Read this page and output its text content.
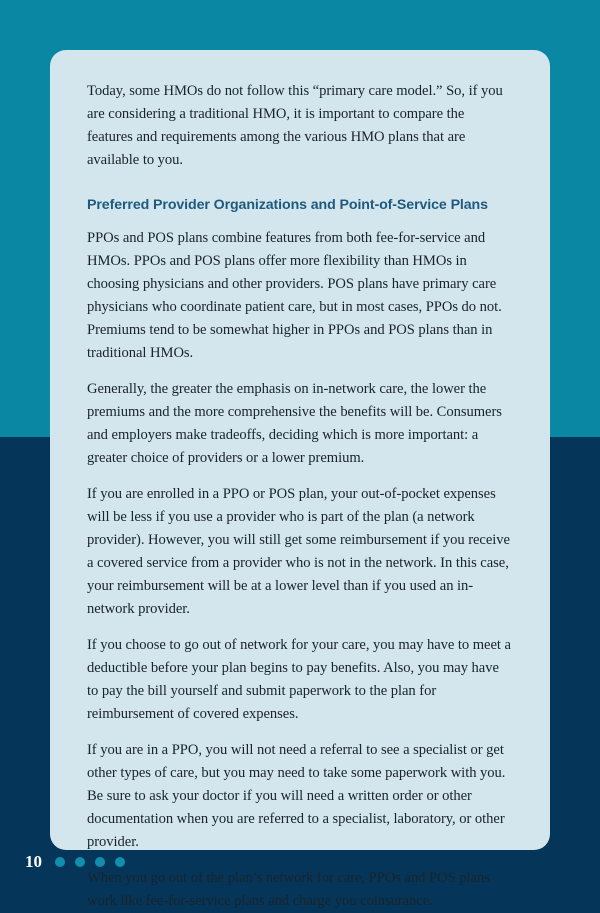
Today, some HMOs do not follow this “primary care model.” So, if you are considering a traditional HMO, it is important to compare the features and requirements among the various HMO plans that are available to you.

Preferred Provider Organizations and Point-of-Service Plans

PPOs and POS plans combine features from both fee-for-service and HMOs. PPOs and POS plans offer more flexibility than HMOs in choosing physicians and other providers. POS plans have primary care physicians who coordinate patient care, but in most cases, PPOs do not. Premiums tend to be somewhat higher in PPOs and POS plans than in traditional HMOs.

Generally, the greater the emphasis on in-network care, the lower the premiums and the more comprehensive the benefits will be. Consumers and employers make tradeoffs, deciding which is more important: a greater choice of providers or a lower premium.

If you are enrolled in a PPO or POS plan, your out-of-pocket expenses will be less if you use a provider who is part of the plan (a network provider). However, you will still get some reimbursement if you receive a covered service from a provider who is not in the network. In this case, your reimbursement will be at a lower level than if you used an in-network provider.

If you choose to go out of network for your care, you may have to meet a deductible before your plan begins to pay benefits. Also, you may have to pay the bill yourself and submit paperwork to the plan for reimbursement of covered expenses.

If you are in a PPO, you will not need a referral to see a specialist or get other types of care, but you may need to take some paperwork with you. Be sure to ask your doctor if you will need a written order or other documentation when you are referred to a specialist, laboratory, or other provider.

When you go out of the plan’s network for care, PPOs and POS plans work like fee-for-service plans and charge you coinsurance.

10
